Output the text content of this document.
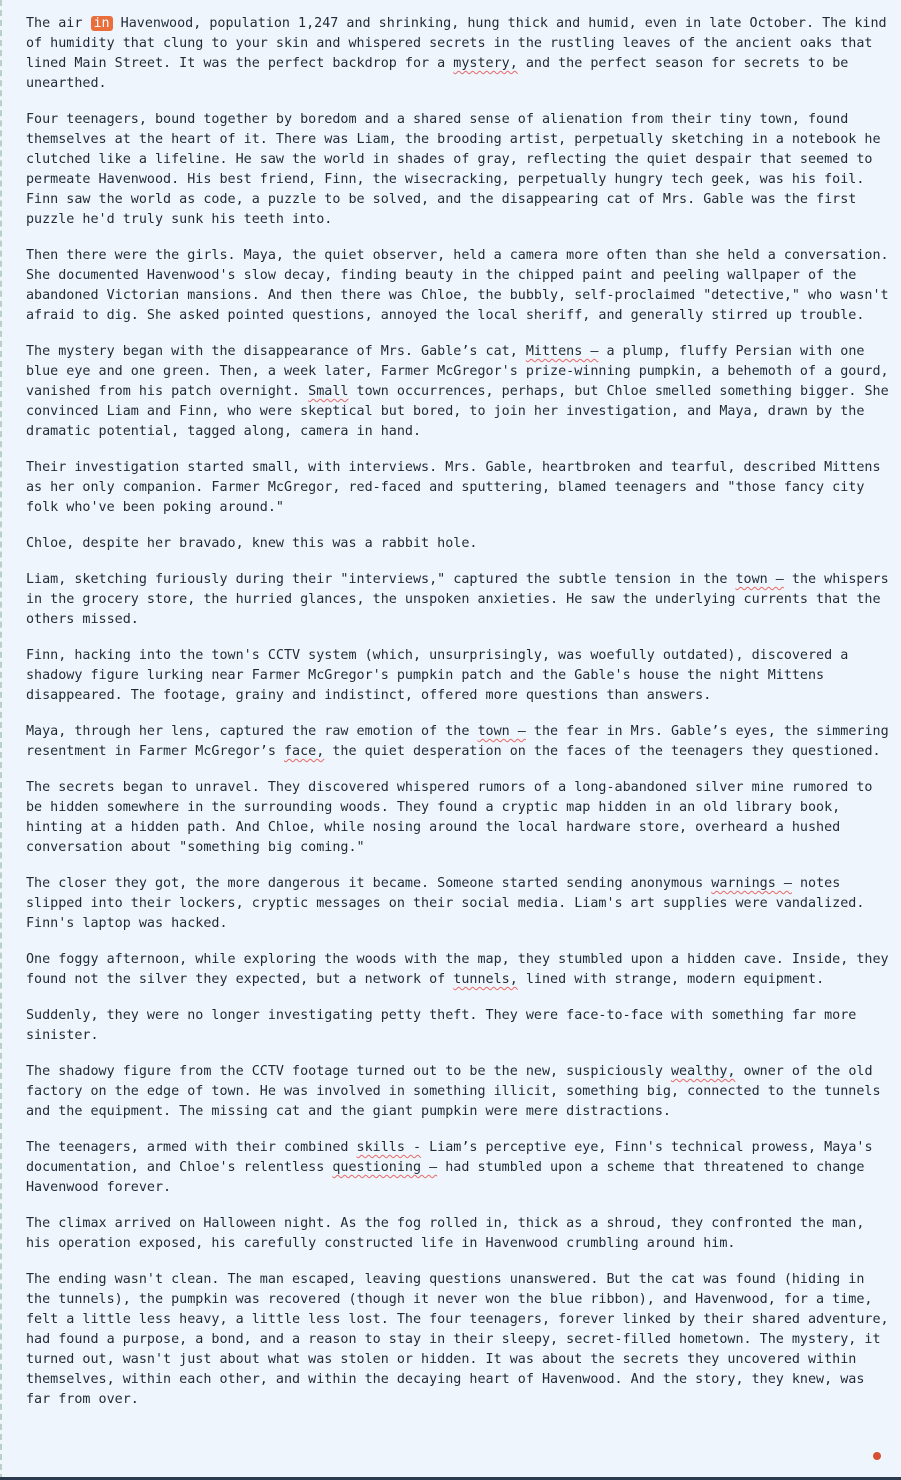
The air in Havenwood, population 1,247 and shrinking, hung thick and humid, even in late October. The kind of humidity that clung to your skin and whispered secrets in the rustling leaves of the ancient oaks that lined Main Street. It was the perfect backdrop for a mystery, and the perfect season for secrets to be unearthed.

Four teenagers, bound together by boredom and a shared sense of alienation from their tiny town, found themselves at the heart of it. There was Liam, the brooding artist, perpetually sketching in a notebook he clutched like a lifeline. He saw the world in shades of gray, reflecting the quiet despair that seemed to permeate Havenwood. His best friend, Finn, the wisecracking, perpetually hungry tech geek, was his foil. Finn saw the world as code, a puzzle to be solved, and the disappearing cat of Mrs. Gable was the first puzzle he'd truly sunk his teeth into.

Then there were the girls. Maya, the quiet observer, held a camera more often than she held a conversation. She documented Havenwood's slow decay, finding beauty in the chipped paint and peeling wallpaper of the abandoned Victorian mansions. And then there was Chloe, the bubbly, self-proclaimed "detective," who wasn't afraid to dig. She asked pointed questions, annoyed the local sheriff, and generally stirred up trouble.

The mystery began with the disappearance of Mrs. Gable’s cat, Mittens — a plump, fluffy Persian with one blue eye and one green. Then, a week later, Farmer McGregor's prize-winning pumpkin, a behemoth of a gourd, vanished from his patch overnight. Small town occurrences, perhaps, but Chloe smelled something bigger. She convinced Liam and Finn, who were skeptical but bored, to join her investigation, and Maya, drawn by the dramatic potential, tagged along, camera in hand.

Their investigation started small, with interviews. Mrs. Gable, heartbroken and tearful, described Mittens as her only companion. Farmer McGregor, red-faced and sputtering, blamed teenagers and "those fancy city folk who've been poking around."

Chloe, despite her bravado, knew this was a rabbit hole.

Liam, sketching furiously during their "interviews," captured the subtle tension in the town — the whispers in the grocery store, the hurried glances, the unspoken anxieties. He saw the underlying currents that the others missed.

Finn, hacking into the town's CCTV system (which, unsurprisingly, was woefully outdated), discovered a shadowy figure lurking near Farmer McGregor's pumpkin patch and the Gable's house the night Mittens disappeared. The footage, grainy and indistinct, offered more questions than answers.

Maya, through her lens, captured the raw emotion of the town — the fear in Mrs. Gable’s eyes, the simmering resentment in Farmer McGregor’s face, the quiet desperation on the faces of the teenagers they questioned.

The secrets began to unravel. They discovered whispered rumors of a long-abandoned silver mine rumored to be hidden somewhere in the surrounding woods. They found a cryptic map hidden in an old library book, hinting at a hidden path. And Chloe, while nosing around the local hardware store, overheard a hushed conversation about "something big coming."

The closer they got, the more dangerous it became. Someone started sending anonymous warnings — notes slipped into their lockers, cryptic messages on their social media. Liam's art supplies were vandalized. Finn's laptop was hacked.

One foggy afternoon, while exploring the woods with the map, they stumbled upon a hidden cave. Inside, they found not the silver they expected, but a network of tunnels, lined with strange, modern equipment.

Suddenly, they were no longer investigating petty theft. They were face-to-face with something far more sinister.

The shadowy figure from the CCTV footage turned out to be the new, suspiciously wealthy, owner of the old factory on the edge of town. He was involved in something illicit, something big, connected to the tunnels and the equipment. The missing cat and the giant pumpkin were mere distractions.

The teenagers, armed with their combined skills - Liam’s perceptive eye, Finn's technical prowess, Maya's documentation, and Chloe's relentless questioning — had stumbled upon a scheme that threatened to change Havenwood forever.

The climax arrived on Halloween night. As the fog rolled in, thick as a shroud, they confronted the man, his operation exposed, his carefully constructed life in Havenwood crumbling around him.

The ending wasn't clean. The man escaped, leaving questions unanswered. But the cat was found (hiding in the tunnels), the pumpkin was recovered (though it never won the blue ribbon), and Havenwood, for a time, felt a little less heavy, a little less lost. The four teenagers, forever linked by their shared adventure, had found a purpose, a bond, and a reason to stay in their sleepy, secret-filled hometown. The mystery, it turned out, wasn't just about what was stolen or hidden. It was about the secrets they uncovered within themselves, within each other, and within the decaying heart of Havenwood. And the story, they knew, was far from over.
